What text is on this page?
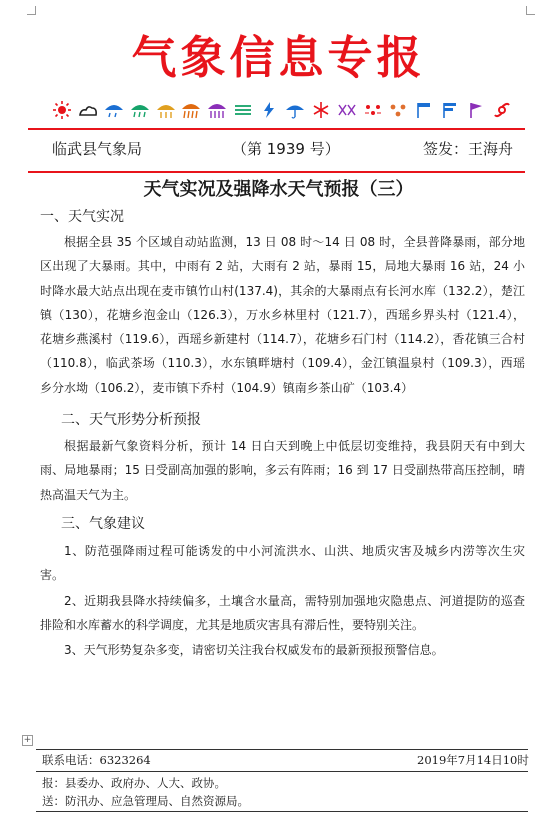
气象信息专报
临武县气象局	（第 1939 号）	签发：王海舟
天气实况及强降水天气预报（三）
一、天气实况

根据全县 35 个区域自动站监测，13 日 08 时～14 日 08 时，全县普降暴雨，部分地区出现了大暴雨。其中，中雨有 2 站，大雨有 2 站，暴雨 15，局地大暴雨 16 站，24 小时降水最大站点出现在麦市镇竹山村(137.4)，其余的大暴雨点有长河水库（132.2），楚江镇（130），花塘乡泡金山（126.3），万水乡林里村（121.7），西瑶乡界头村（121.4），花塘乡燕溪村（119.6），西瑶乡新建村（114.7），花塘乡石门村（114.2），香花镇三合村（110.8），临武茶场（110.3），水东镇畔塘村（109.4），金江镇温泉村（109.3），西瑶乡分水坳（106.2），麦市镇下乔村（104.9）镇南乡茶山矿（103.4）

二、天气形势分析预报

根据最新气象资料分析，预计 14 日白天到晚上中低层切变维持，我县阴天有中到大雨、局地暴雨；15 日受副高加强的影响，多云有阵雨；16 到 17 日受副热带高压控制，晴热高温天气为主。

三、气象建议

1、防范强降雨过程可能诱发的中小河流洪水、山洪、地质灾害及城乡内涝等次生灾害。

2、近期我县降水持续偏多，土壤含水量高，需特别加强地灾隐患点、河道提防的巡查排险和水库蓄水的科学调度，尤其是地质灾害具有滞后性，要特别关注。

3、天气形势复杂多变，请密切关注我台权威发布的最新预报预警信息。

+
联系电话：6323264	2019年7月14日10时
报：县委办、政府办、人大、政协。
送：防汛办、应急管理局、自然资源局。
